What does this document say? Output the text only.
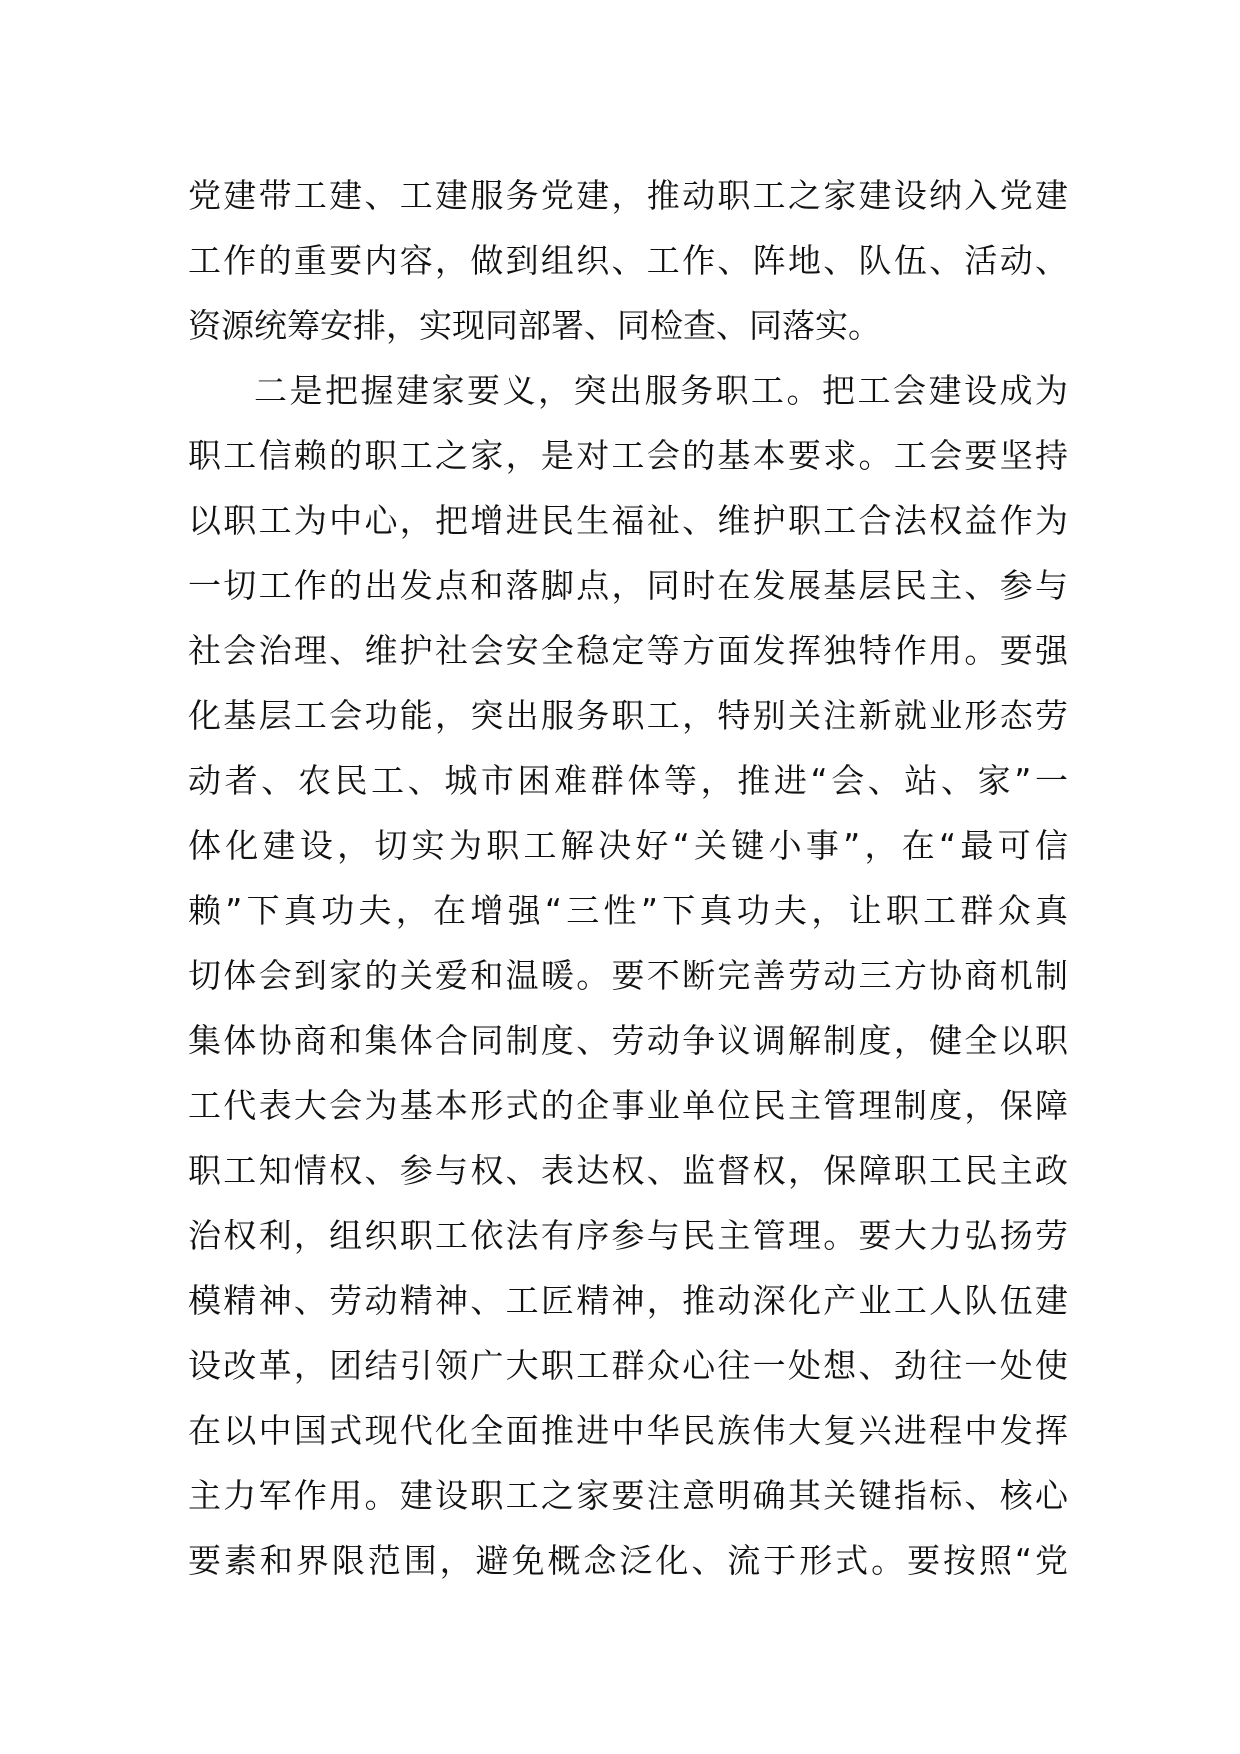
党建带工建、工建服务党建，推动职工之家建设纳入党建
工作的重要内容，做到组织、工作、阵地、队伍、活动、
资源统筹安排，实现同部署、同检查、同落实。
二是把握建家要义，突出服务职工。把工会建设成为
职工信赖的职工之家，是对工会的基本要求。工会要坚持
以职工为中心，把增进民生福祉、维护职工合法权益作为
一切工作的出发点和落脚点，同时在发展基层民主、参与
社会治理、维护社会安全稳定等方面发挥独特作用。要强
化基层工会功能，突出服务职工，特别关注新就业形态劳
动者、农民工、城市困难群体等，推进“会、站、家”一
体化建设，切实为职工解决好“关键小事”，在“最可信
赖”下真功夫，在增强“三性”下真功夫，让职工群众真
切体会到家的关爱和温暖。要不断完善劳动三方协商机制
集体协商和集体合同制度、劳动争议调解制度，健全以职
工代表大会为基本形式的企事业单位民主管理制度，保障
职工知情权、参与权、表达权、监督权，保障职工民主政
治权利，组织职工依法有序参与民主管理。要大力弘扬劳
模精神、劳动精神、工匠精神，推动深化产业工人队伍建
设改革，团结引领广大职工群众心往一处想、劲往一处使
在以中国式现代化全面推进中华民族伟大复兴进程中发挥
主力军作用。建设职工之家要注意明确其关键指标、核心
要素和界限范围，避免概念泛化、流于形式。要按照“党
